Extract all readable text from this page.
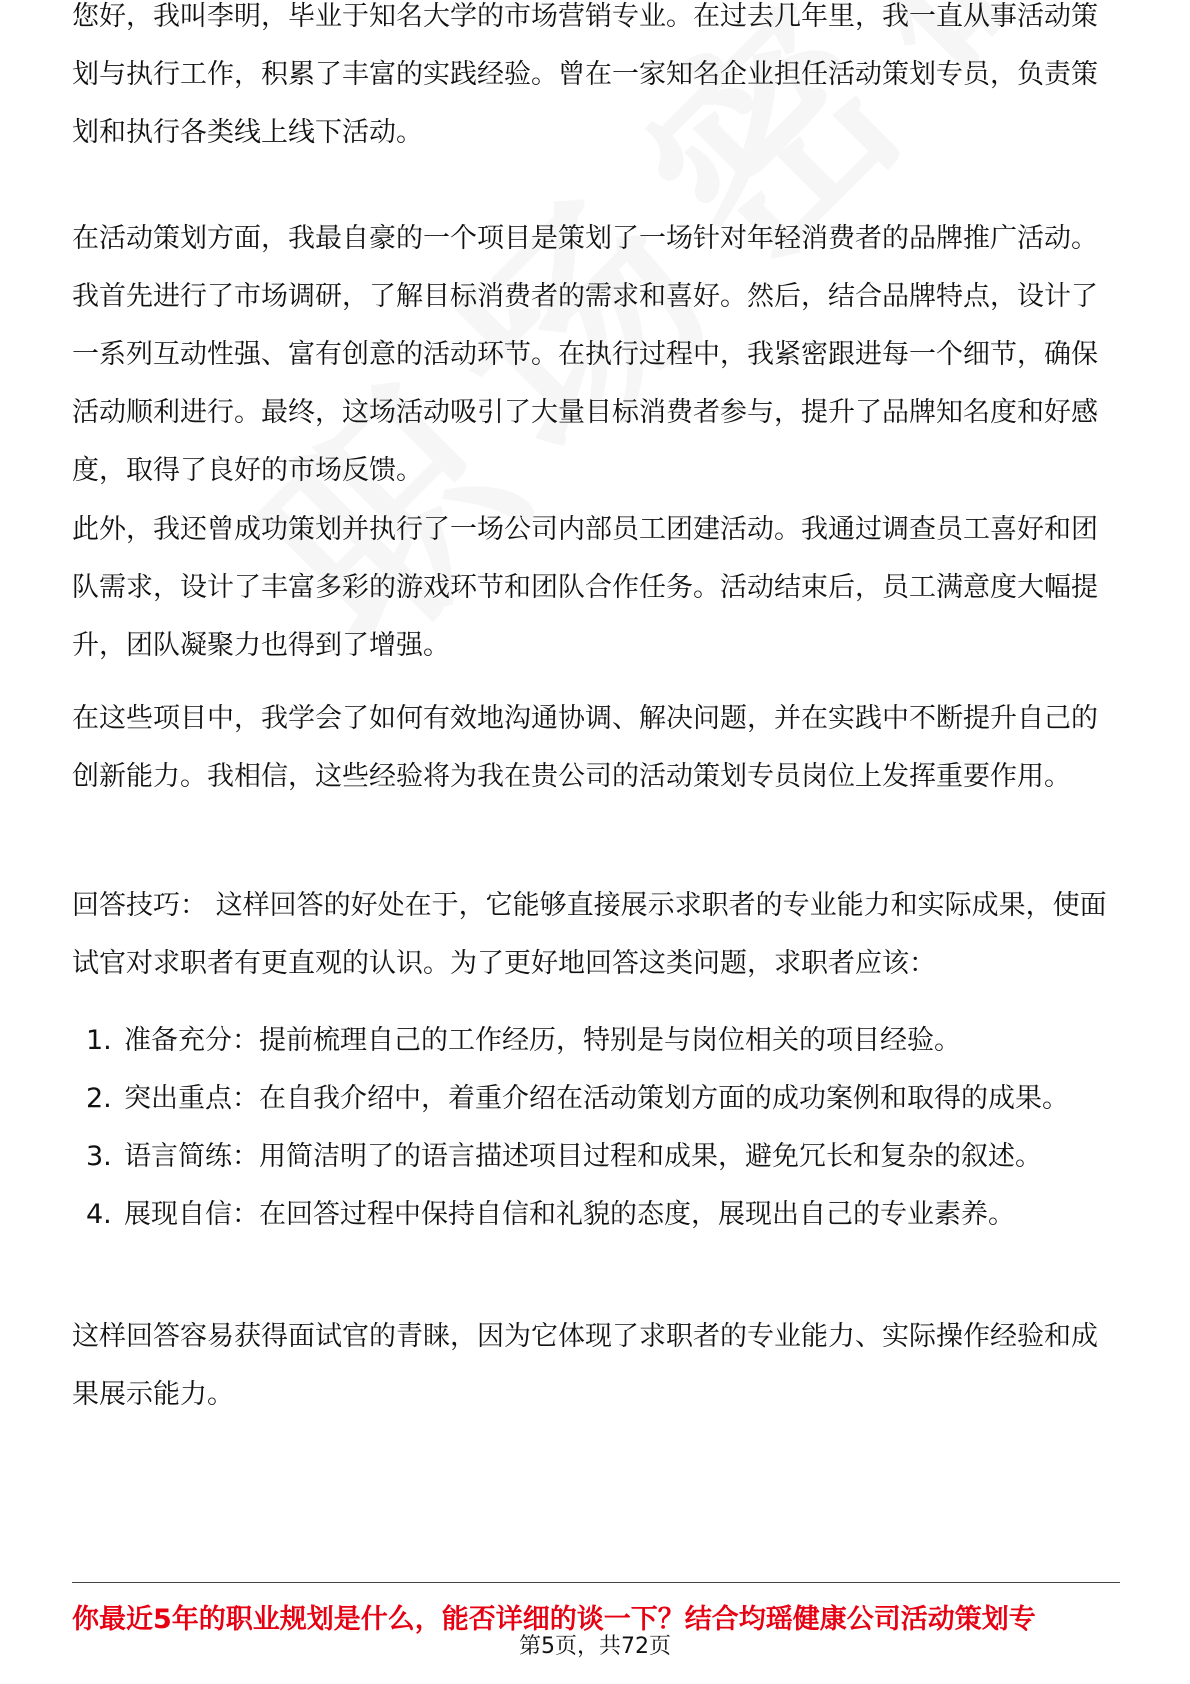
您好，我叫李明，毕业于知名大学的市场营销专业。在过去几年里，我一直从事活动策划与执行工作，积累了丰富的实践经验。曾在一家知名企业担任活动策划专员，负责策划和执行各类线上线下活动。

在活动策划方面，我最自豪的一个项目是策划了一场针对年轻消费者的品牌推广活动。我首先进行了市场调研，了解目标消费者的需求和喜好。然后，结合品牌特点，设计了一系列互动性强、富有创意的活动环节。在执行过程中，我紧密跟进每一个细节，确保活动顺利进行。最终，这场活动吸引了大量目标消费者参与，提升了品牌知名度和好感度，取得了良好的市场反馈。

此外，我还曾成功策划并执行了一场公司内部员工团建活动。我通过调查员工喜好和团队需求，设计了丰富多彩的游戏环节和团队合作任务。活动结束后，员工满意度大幅提升，团队凝聚力也得到了增强。

在这些项目中，我学会了如何有效地沟通协调、解决问题，并在实践中不断提升自己的创新能力。我相信，这些经验将为我在贵公司的活动策划专员岗位上发挥重要作用。

回答技巧： 这样回答的好处在于，它能够直接展示求职者的专业能力和实际成果，使面试官对求职者有更直观的认识。为了更好地回答这类问题，求职者应该：

1. 准备充分：提前梳理自己的工作经历，特别是与岗位相关的项目经验。
2. 突出重点：在自我介绍中，着重介绍在活动策划方面的成功案例和取得的成果。
3. 语言简练：用简洁明了的语言描述项目过程和成果，避免冗长和复杂的叙述。
4. 展现自信：在回答过程中保持自信和礼貌的态度，展现出自己的专业素养。

这样回答容易获得面试官的青睐，因为它体现了求职者的专业能力、实际操作经验和成果展示能力。

你最近5年的职业规划是什么，能否详细的谈一下？结合均瑶健康公司活动策划专
第5页，共72页
